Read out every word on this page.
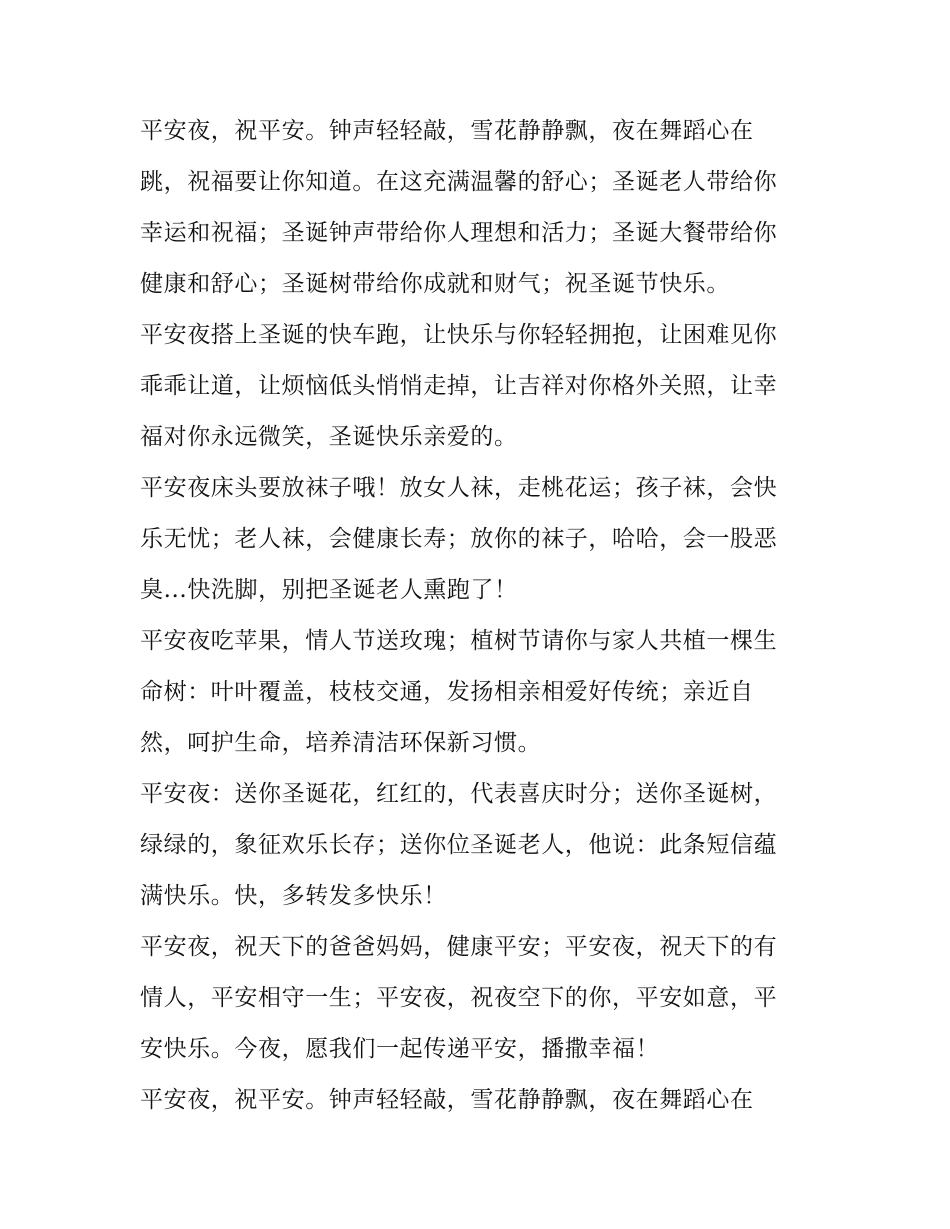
平安夜，祝平安。钟声轻轻敲，雪花静静飘，夜在舞蹈心在
跳，祝福要让你知道。在这充满温馨的舒心；圣诞老人带给你
幸运和祝福；圣诞钟声带给你人理想和活力；圣诞大餐带给你
健康和舒心；圣诞树带给你成就和财气；祝圣诞节快乐。
平安夜搭上圣诞的快车跑，让快乐与你轻轻拥抱，让困难见你
乖乖让道，让烦恼低头悄悄走掉，让吉祥对你格外关照，让幸
福对你永远微笑，圣诞快乐亲爱的。
平安夜床头要放袜子哦！放女人袜，走桃花运；孩子袜，会快
乐无忧；老人袜，会健康长寿；放你的袜子，哈哈，会一股恶
臭...快洗脚，别把圣诞老人熏跑了！
平安夜吃苹果，情人节送玫瑰；植树节请你与家人共植一棵生
命树：叶叶覆盖，枝枝交通，发扬相亲相爱好传统；亲近自
然，呵护生命，培养清洁环保新习惯。
平安夜：送你圣诞花，红红的，代表喜庆时分；送你圣诞树，
绿绿的，象征欢乐长存；送你位圣诞老人，他说：此条短信蕴
满快乐。快，多转发多快乐！
平安夜，祝天下的爸爸妈妈，健康平安；平安夜，祝天下的有
情人，平安相守一生；平安夜，祝夜空下的你，平安如意，平
安快乐。今夜，愿我们一起传递平安，播撒幸福！
平安夜，祝平安。钟声轻轻敲，雪花静静飘，夜在舞蹈心在
